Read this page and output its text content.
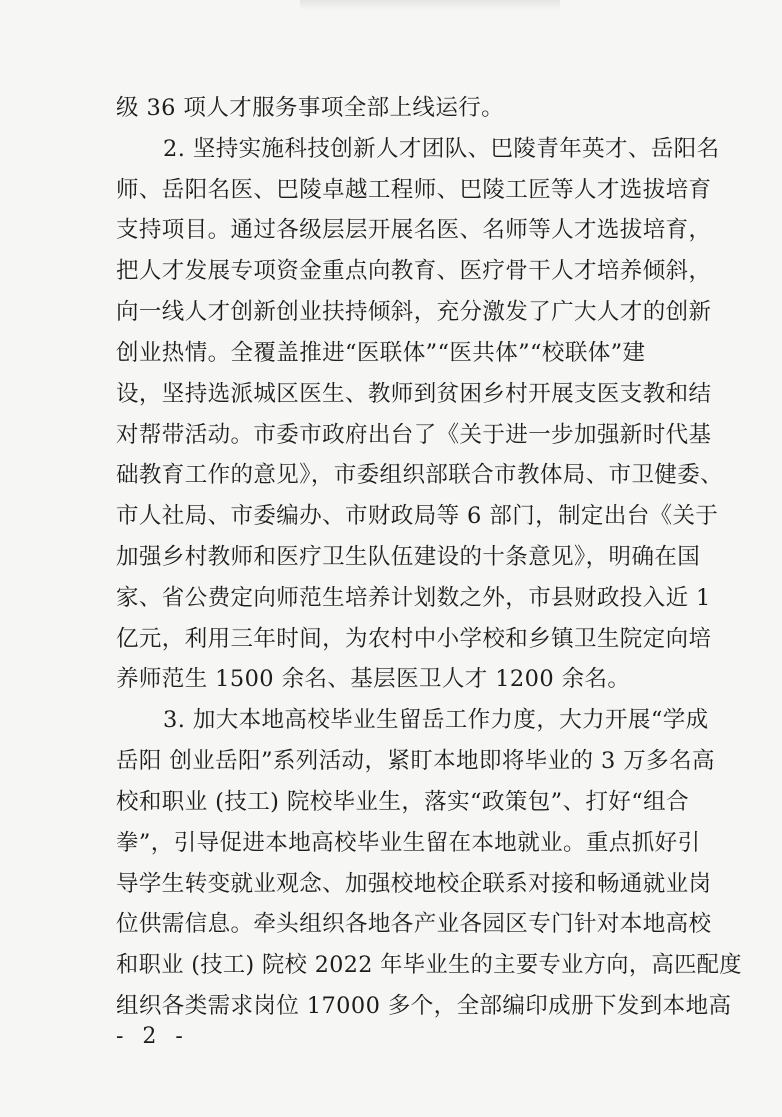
级 36 项人才服务事项全部上线运行。
2. 坚持实施科技创新人才团队、巴陵青年英才、岳阳名
师、岳阳名医、巴陵卓越工程师、巴陵工匠等人才选拔培育
支持项目。通过各级层层开展名医、名师等人才选拔培育，
把人才发展专项资金重点向教育、医疗骨干人才培养倾斜，
向一线人才创新创业扶持倾斜，充分激发了广大人才的创新
创业热情。全覆盖推进“医联体”“医共体”“校联体”建
设，坚持选派城区医生、教师到贫困乡村开展支医支教和结
对帮带活动。市委市政府出台了《关于进一步加强新时代基
础教育工作的意见》，市委组织部联合市教体局、市卫健委、
市人社局、市委编办、市财政局等 6 部门，制定出台《关于
加强乡村教师和医疗卫生队伍建设的十条意见》，明确在国
家、省公费定向师范生培养计划数之外，市县财政投入近 1
亿元，利用三年时间，为农村中小学校和乡镇卫生院定向培
养师范生 1500 余名、基层医卫人才 1200 余名。
3. 加大本地高校毕业生留岳工作力度，大力开展“学成
岳阳 创业岳阳”系列活动，紧盯本地即将毕业的 3 万多名高
校和职业 (技工) 院校毕业生，落实“政策包”、打好“组合
拳”，引导促进本地高校毕业生留在本地就业。重点抓好引
导学生转变就业观念、加强校地校企联系对接和畅通就业岗
位供需信息。牵头组织各地各产业各园区专门针对本地高校
和职业 (技工) 院校 2022 年毕业生的主要专业方向，高匹配度
组织各类需求岗位 17000 多个，全部编印成册下发到本地高
- 2 -
